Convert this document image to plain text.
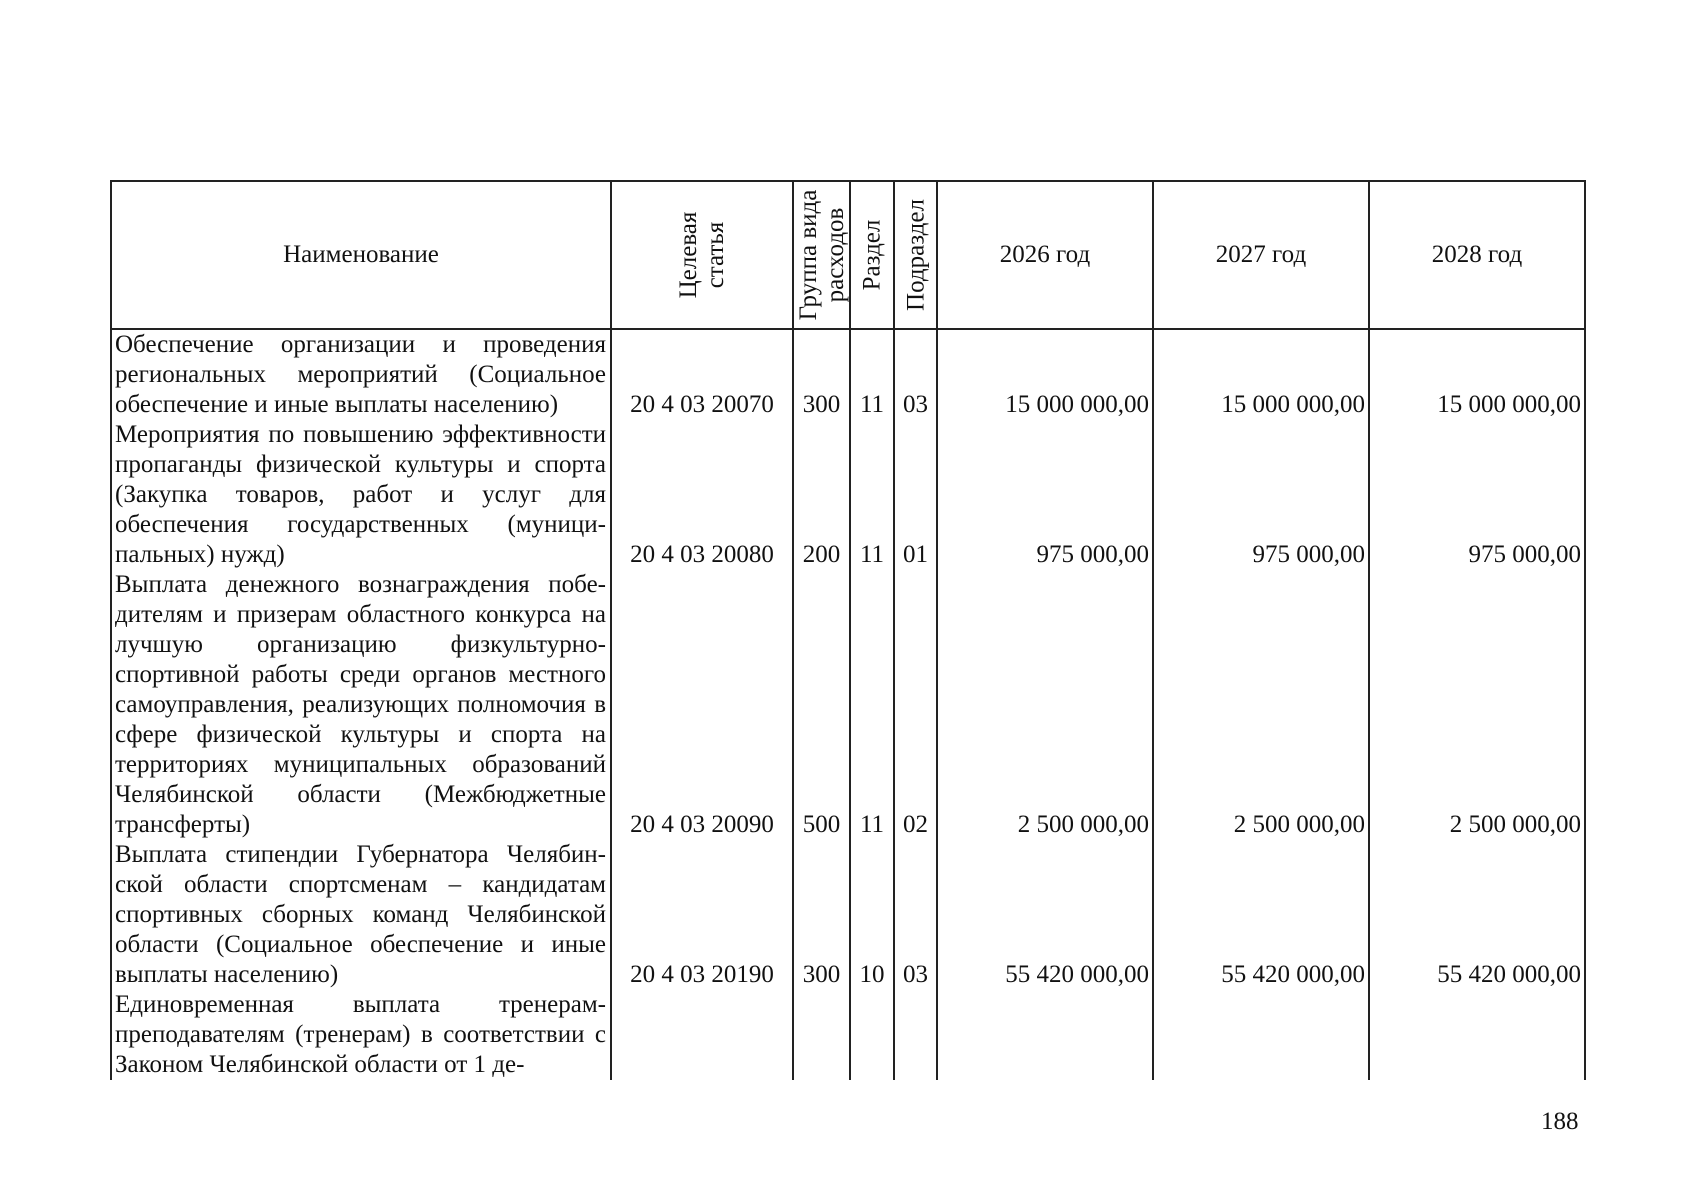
Наименование	Целевая статья	Группа вида расходов	Раздел	Подраздел	2026 год	2027 год	2028 год
Обеспечение организации и проведения региональных мероприятий (Социальное обеспечение и иные выплаты населению)	20 4 03 20070	300	11	03	15 000 000,00	15 000 000,00	15 000 000,00
Мероприятия по повышению эффективности пропаганды физической культуры и спорта (Закупка товаров, работ и услуг для обеспечения государственных (муниципальных) нужд)	20 4 03 20080	200	11	01	975 000,00	975 000,00	975 000,00
Выплата денежного вознаграждения победителям и призерам областного конкурса на лучшую организацию физкультурно-спортивной работы среди органов местного самоуправления, реализующих полномочия в сфере физической культуры и спорта на территориях муниципальных образований Челябинской области (Межбюджетные трансферты)	20 4 03 20090	500	11	02	2 500 000,00	2 500 000,00	2 500 000,00
Выплата стипендии Губернатора Челябинской области спортсменам – кандидатам спортивных сборных команд Челябинской области (Социальное обеспечение и иные выплаты населению)	20 4 03 20190	300	10	03	55 420 000,00	55 420 000,00	55 420 000,00
Единовременная выплата тренерам-преподавателям (тренерам) в соответствии с Законом Челябинской области от 1 де-							
188
